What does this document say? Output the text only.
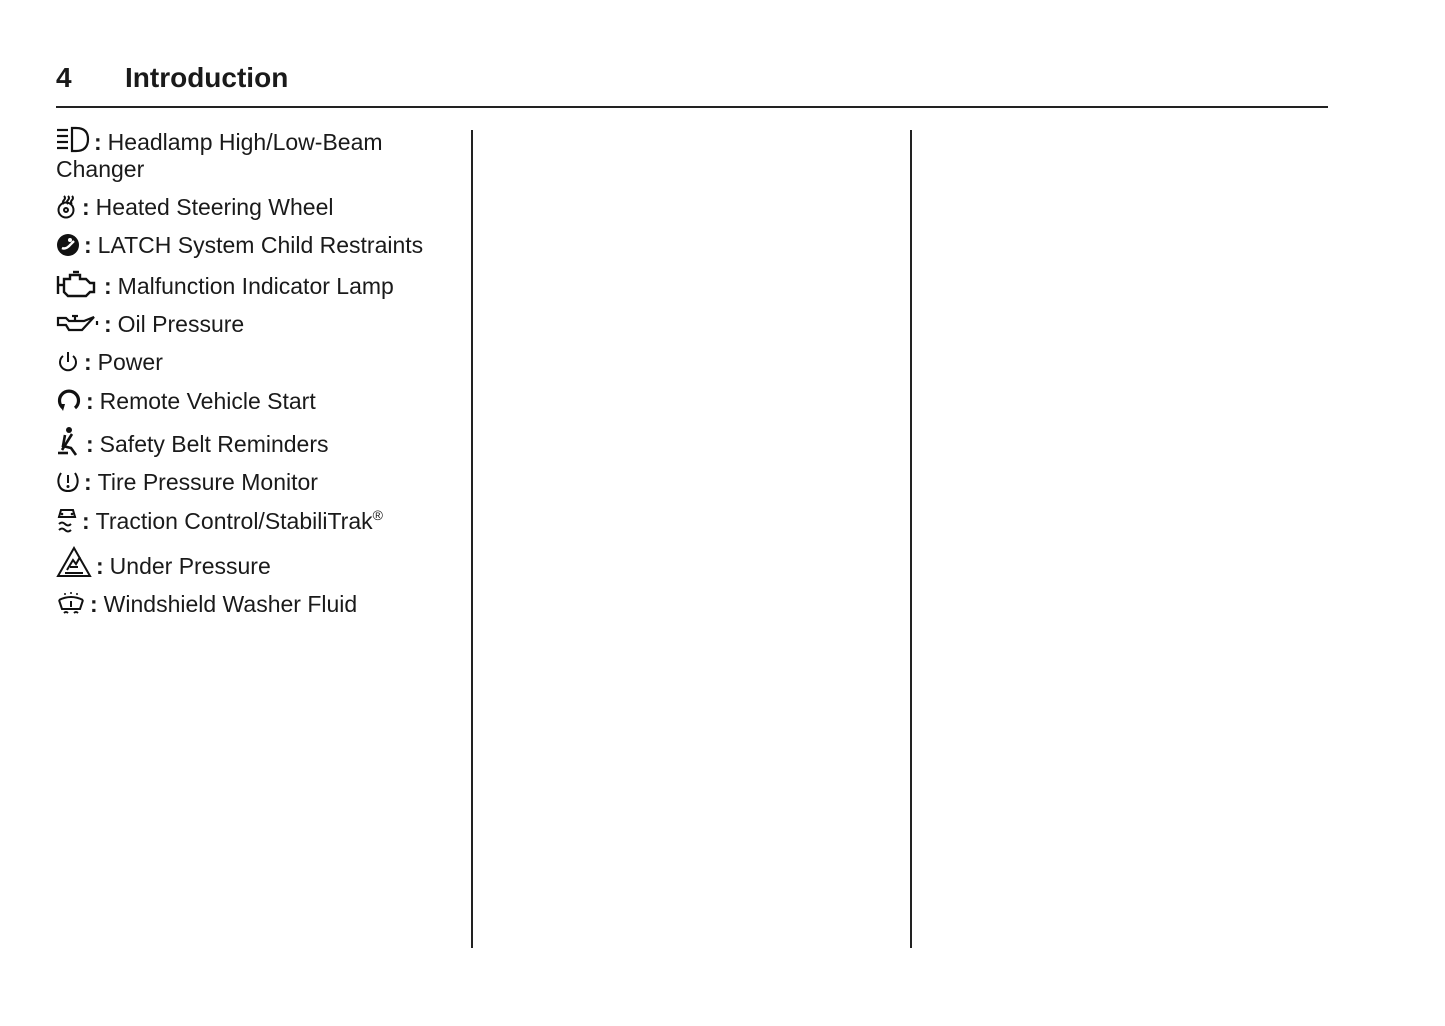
4 Introduction
: Headlamp High/Low-Beam Changer
: Heated Steering Wheel
: LATCH System Child Restraints
: Malfunction Indicator Lamp
: Oil Pressure
: Power
: Remote Vehicle Start
: Safety Belt Reminders
: Tire Pressure Monitor
: Traction Control/StabiliTrak®
: Under Pressure
: Windshield Washer Fluid
